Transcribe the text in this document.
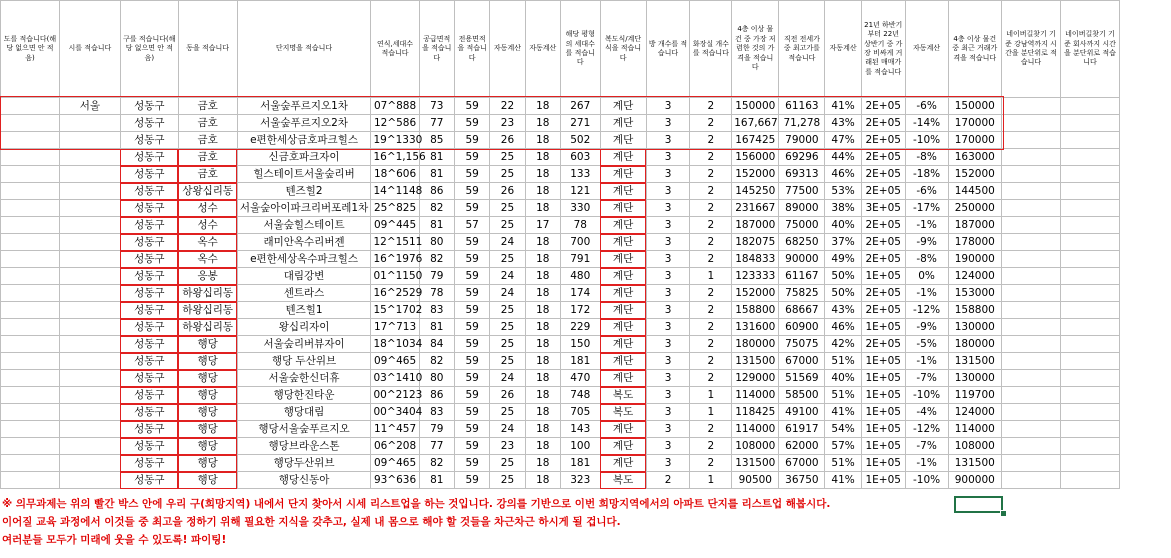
도를 적습니다(해당 없으면 안 적음)	시를 적습니다	구를 적습니다(해당 없으면 안 적음)	동을 적습니다	단지명을 적습니다	연식,세대수 적습니다	공급면적을 적습니다	전용면적을 적습니다	자동계산	자동계산	해당 평형의 세대수를 적습니다	복도식/계단식을 적습니다	방 개수를 적습니다	화장실 개수를 적습니다	4층 이상 물건 중 가장 저렴한 것의 가격을 적습니다	직전 전세가 중 최고가를 적습니다	자동계산	21년 하반기부터 22년 상반기 중 가장 비싸게 거래된 매매가를 적습니다	자동계산	4층 이상 물건 중 최근 거래가격을 적습니다	네이버길찾기 기준 강남역까지 시간을 분단위로 적습니다	네이버길찾기 기준 회사까지 시간을 분단위로 적습니다
	서울	성동구	금호	서울숲푸르지오1차	07^888	73	59	22	18	267	계단	3	2	150000	61163	41%	2E+05	-6%	150000		
		성동구	금호	서울숲푸르지오2차	12^586	77	59	23	18	271	계단	3	2	167,667	71,278	43%	2E+05	-14%	170000		
		성동구	금호	e편한세상금호파크힐스	19^1330	85	59	26	18	502	계단	3	2	167425	79000	47%	2E+05	-10%	170000		
		성동구	금호	신금호파크자이	16^1,156	81	59	25	18	603	계단	3	2	156000	69296	44%	2E+05	-8%	163000		
		성동구	금호	힐스테이트서울숲리버	18^606	81	59	25	18	133	계단	3	2	152000	69313	46%	2E+05	-18%	152000		
		성동구	상왕십리동	텐즈힐2	14^1148	86	59	26	18	121	계단	3	2	145250	77500	53%	2E+05	-6%	144500		
		성동구	성수	서울숲아이파크리버포레1차	25^825	82	59	25	18	330	계단	3	2	231667	89000	38%	3E+05	-17%	250000		
		성동구	성수	서울숲힐스테이트	09^445	81	57	25	17	78	계단	3	2	187000	75000	40%	2E+05	-1%	187000		
		성동구	옥수	래미안옥수리버젠	12^1511	80	59	24	18	700	계단	3	2	182075	68250	37%	2E+05	-9%	178000		
		성동구	옥수	e편한세상옥수파크힐스	16^1976	82	59	25	18	791	계단	3	2	184833	90000	49%	2E+05	-8%	190000		
		성동구	응봉	대림강변	01^1150	79	59	24	18	480	계단	3	1	123333	61167	50%	1E+05	0%	124000		
		성동구	하왕십리동	센트라스	16^2529	78	59	24	18	174	계단	3	2	152000	75825	50%	2E+05	-1%	153000		
		성동구	하왕십리동	텐즈힐1	15^1702	83	59	25	18	172	계단	3	2	158800	68667	43%	2E+05	-12%	158800		
		성동구	하왕십리동	왕십리자이	17^713	81	59	25	18	229	계단	3	2	131600	60900	46%	1E+05	-9%	130000		
		성동구	행당	서울숲리버뷰자이	18^1034	84	59	25	18	150	계단	3	2	180000	75075	42%	2E+05	-5%	180000		
		성동구	행당	행당 두산위브	09^465	82	59	25	18	181	계단	3	2	131500	67000	51%	1E+05	-1%	131500		
		성동구	행당	서울숲한신더휴	03^1410	80	59	24	18	470	계단	3	2	129000	51569	40%	1E+05	-7%	130000		
		성동구	행당	행당한진타운	00^2123	86	59	26	18	748	복도	3	1	114000	58500	51%	1E+05	-10%	119700		
		성동구	행당	행당대림	00^3404	83	59	25	18	705	복도	3	1	118425	49100	41%	1E+05	-4%	124000		
		성동구	행당	행당서울숲푸르지오	11^457	79	59	24	18	143	계단	3	2	114000	61917	54%	1E+05	-12%	114000		
		성동구	행당	행당브라운스톤	06^208	77	59	23	18	100	계단	3	2	108000	62000	57%	1E+05	-7%	108000		
		성동구	행당	행당두산위브	09^465	82	59	25	18	181	계단	3	2	131500	67000	51%	1E+05	-1%	131500		
		성동구	행당	행당신동아	93^636	81	59	25	18	323	복도	2	1	90500	36750	41%	1E+05	-10%	900000		
※ 의무과제는 위의 빨간 박스 안에 우리 구(희망지역) 내에서 단지 찾아서 시세 리스트업을 하는 것입니다. 강의를 기반으로 이번 희망지역에서의 아파트 단지를 리스트업 해봅시다.
이어질 교육 과정에서 이것들 중 최고을 정하기 위해 필요한 지식을 갖추고, 실제 내 몸으로 해야 할 것들을 차근차근 하시게 될 겁니다.
여러분들 모두가 미래에 웃을 수 있도록! 파이팅!
